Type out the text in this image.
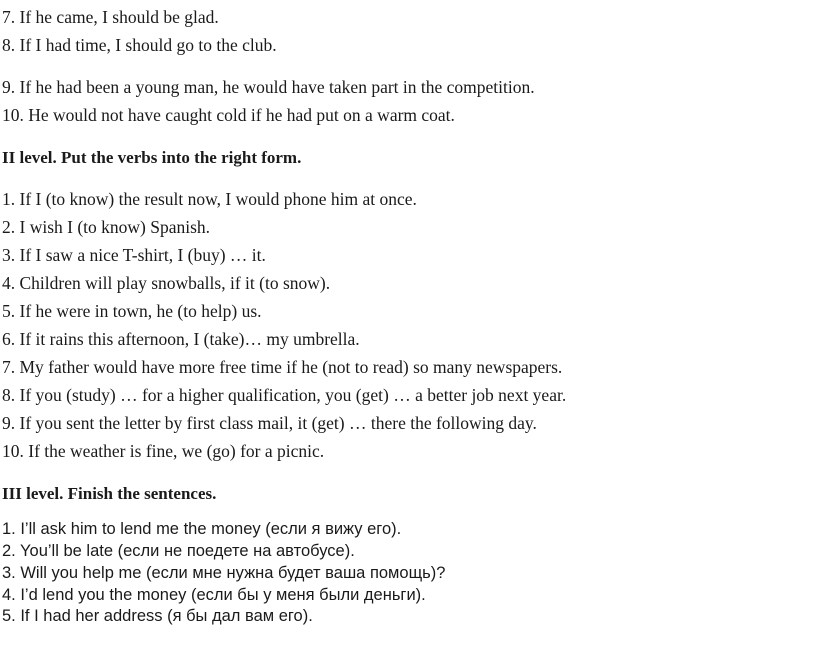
7. If he came, I should be glad.
8. If I had time, I should go to the club.
9. If he had been a young man, he would have taken part in the competition.
10. He would not have caught cold if he had put on a warm coat.
II level. Put the verbs into the right form.
1. If I (to know) the result now, I would phone him at once.
2. I wish I (to know) Spanish.
3. If I saw a nice T-shirt, I (buy) … it.
4. Children will play snowballs, if it (to snow).
5. If he were in town, he (to help) us.
6. If it rains this afternoon, I (take)… my umbrella.
7. My father would have more free time if he (not to read) so many newspapers.
8. If you (study) … for a higher qualification, you (get) … a better job next year.
9. If you sent the letter by first class mail, it (get) … there the following day.
10. If the weather is fine, we (go) for a picnic.
III level. Finish the sentences.
1. I’ll ask him to lend me the money (если я вижу его).
2. You’ll be late (если не поедете на автобусе).
3. Will you help me (если мне нужна будет ваша помощь)?
4. I’d lend you the money (если бы у меня были деньги).
5. If I had her address (я бы дал вам его).
